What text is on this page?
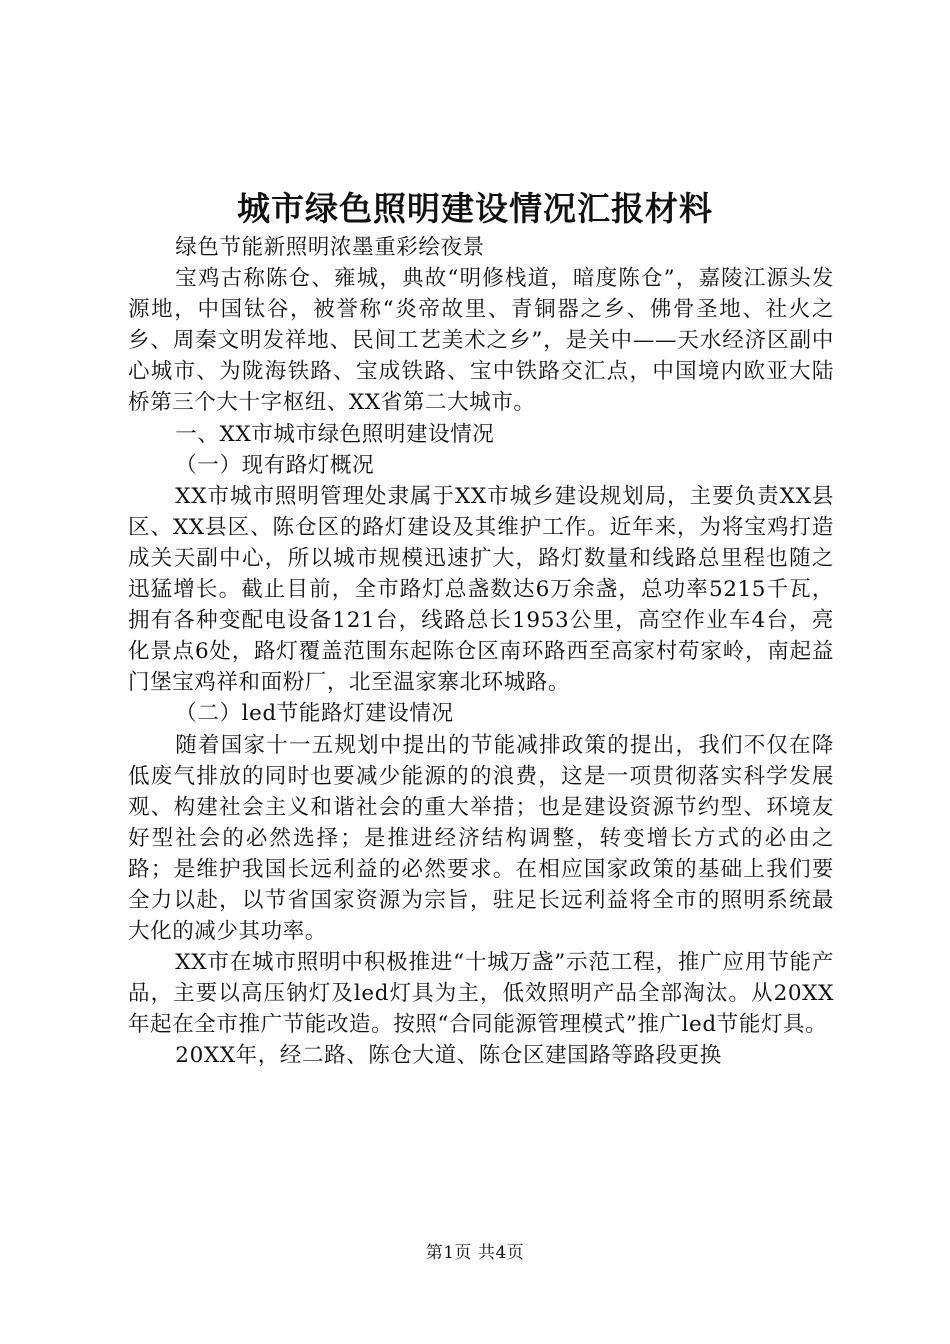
城市绿色照明建设情况汇报材料

绿色节能新照明浓墨重彩绘夜景

宝鸡古称陈仓、雍城，典故“明修栈道，暗度陈仓”，嘉陵江源头发源地，中国钛谷，被誉称“炎帝故里、青铜器之乡、佛骨圣地、社火之乡、周秦文明发祥地、民间工艺美术之乡”，是关中——天水经济区副中心城市、为陇海铁路、宝成铁路、宝中铁路交汇点，中国境内欧亚大陆桥第三个大十字枢纽、XX省第二大城市。

一、XX市城市绿色照明建设情况

（一）现有路灯概况

XX市城市照明管理处隶属于XX市城乡建设规划局，主要负责XX县区、XX县区、陈仓区的路灯建设及其维护工作。近年来，为将宝鸡打造成关天副中心，所以城市规模迅速扩大，路灯数量和线路总里程也随之迅猛增长。截止目前，全市路灯总盏数达6万余盏，总功率5215千瓦，拥有各种变配电设备121台，线路总长1953公里，高空作业车4台，亮化景点6处，路灯覆盖范围东起陈仓区南环路西至高家村苟家岭，南起益门堡宝鸡祥和面粉厂，北至温家寨北环城路。

（二）led节能路灯建设情况

随着国家十一五规划中提出的节能减排政策的提出，我们不仅在降低废气排放的同时也要减少能源的的浪费，这是一项贯彻落实科学发展观、构建社会主义和谐社会的重大举措；也是建设资源节约型、环境友好型社会的必然选择；是推进经济结构调整，转变增长方式的必由之路；是维护我国长远利益的必然要求。在相应国家政策的基础上我们要全力以赴，以节省国家资源为宗旨，驻足长远利益将全市的照明系统最大化的减少其功率。

XX市在城市照明中积极推进“十城万盏”示范工程，推广应用节能产品，主要以高压钠灯及led灯具为主，低效照明产品全部淘汰。从20XX年起在全市推广节能改造。按照“合同能源管理模式”推广led节能灯具。

20XX年，经二路、陈仓大道、陈仓区建国路等路段更换

第1页 共4页
